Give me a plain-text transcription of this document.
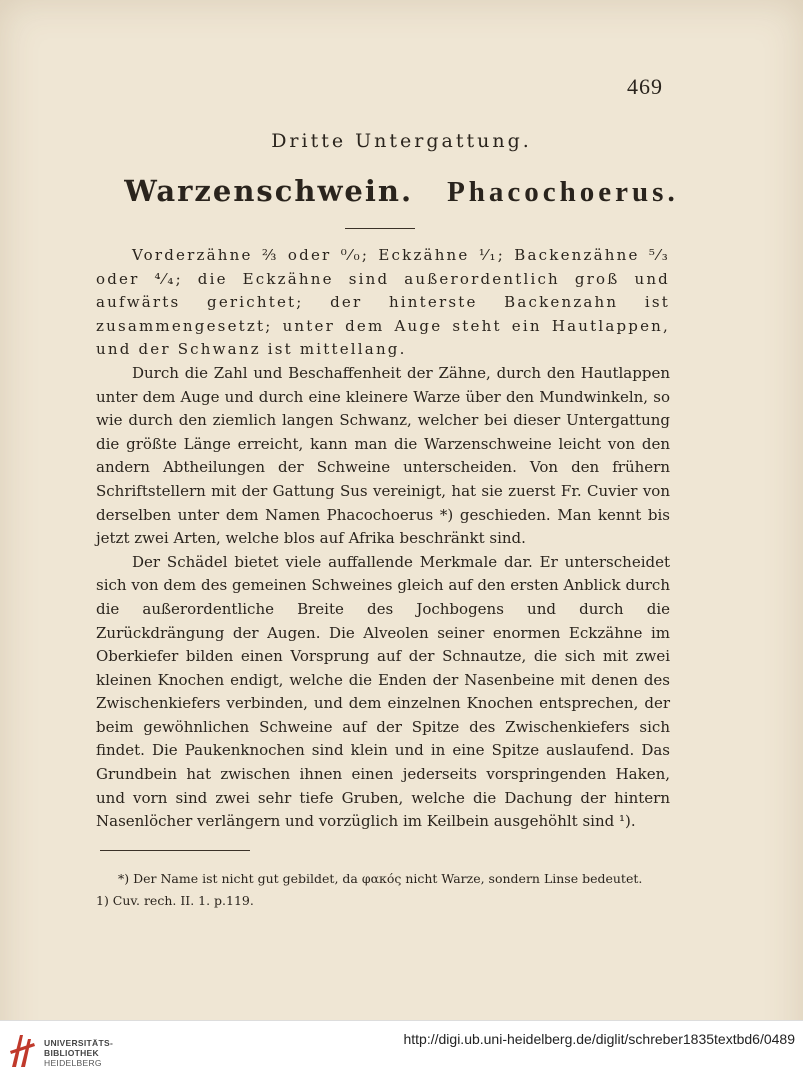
469
Dritte Untergattung.
Warzenschwein. Phacochoerus.

Vorderzähne ⅔ oder ⁰⁄₀; Eckzähne ⅟₁; Backenzähne ⁵⁄₃ oder ⁴⁄₄; die Eckzähne sind außerordentlich groß und aufwärts gerichtet; der hinterste Backenzahn ist zusammengesetzt; unter dem Auge steht ein Hautlappen, und der Schwanz ist mittellang.

Durch die Zahl und Beschaffenheit der Zähne, durch den Hautlappen unter dem Auge und durch eine kleinere Warze über den Mundwinkeln, so wie durch den ziemlich langen Schwanz, welcher bei dieser Untergattung die größte Länge erreicht, kann man die Warzenschweine leicht von den andern Abtheilungen der Schweine unterscheiden. Von den frühern Schriftstellern mit der Gattung Sus vereinigt, hat sie zuerst Fr. Cuvier von derselben unter dem Namen Phacochoerus *) geschieden. Man kennt bis jetzt zwei Arten, welche blos auf Afrika beschränkt sind.

Der Schädel bietet viele auffallende Merkmale dar. Er unterscheidet sich von dem des gemeinen Schweines gleich auf den ersten Anblick durch die außerordentliche Breite des Jochbogens und durch die Zurückdrängung der Augen. Die Alveolen seiner enormen Eckzähne im Oberkiefer bilden einen Vorsprung auf der Schnautze, die sich mit zwei kleinen Knochen endigt, welche die Enden der Nasenbeine mit denen des Zwischenkiefers verbinden, und dem einzelnen Knochen entsprechen, der beim gewöhnlichen Schweine auf der Spitze des Zwischenkiefers sich findet. Die Paukenknochen sind klein und in eine Spitze auslaufend. Das Grundbein hat zwischen ihnen einen jederseits vorspringenden Haken, und vorn sind zwei sehr tiefe Gruben, welche die Dachung der hintern Nasenlöcher verlängern und vorzüglich im Keilbein ausgehöhlt sind ¹).

*) Der Name ist nicht gut gebildet, da φακός nicht Warze, sondern Linse bedeutet.

1) Cuv. rech. II. 1. p.119.

UNIVERSITÄTS-
BIBLIOTHEK
HEIDELBERG
http://digi.ub.uni-heidelberg.de/diglit/schreber1835textbd6/0489
